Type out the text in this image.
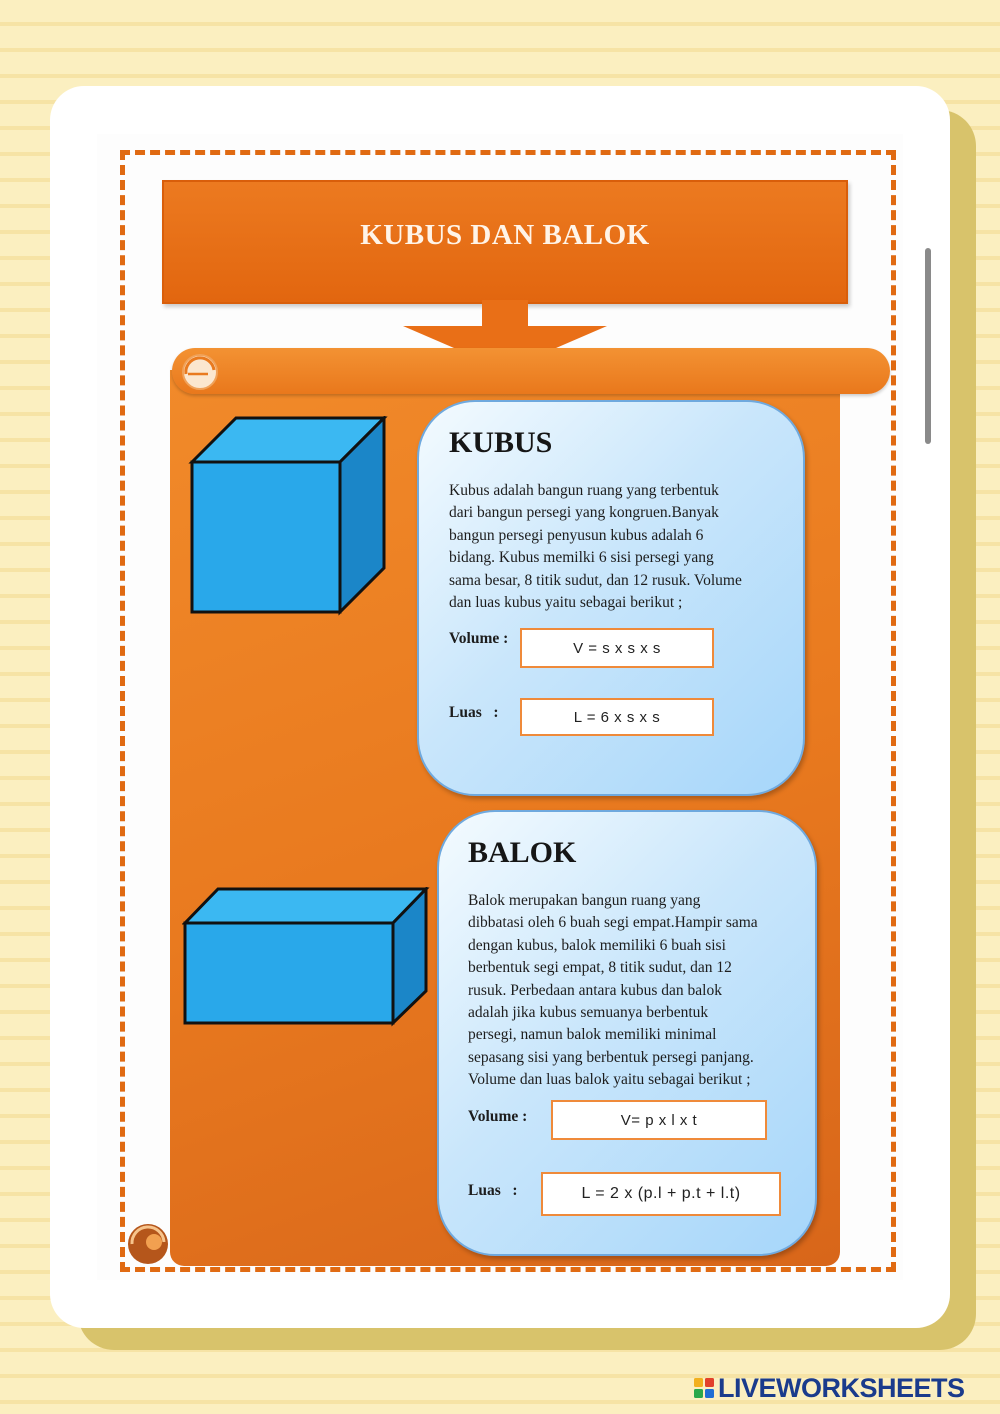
KUBUS DAN BALOK
KUBUS
Kubus adalah bangun ruang yang terbentuk
dari bangun persegi yang kongruen.Banyak
bangun persegi penyusun kubus adalah 6
bidang. Kubus memilki 6 sisi persegi yang
sama besar, 8 titik sudut, dan 12 rusuk. Volume
dan luas kubus yaitu sebagai berikut ;
Volume :
V = s x s x s
Luas   :	L = 6 x s x s
BALOK
Balok merupakan bangun ruang yang
dibbatasi oleh 6 buah segi empat.Hampir sama
dengan kubus, balok memiliki 6 buah sisi
berbentuk segi empat, 8 titik sudut, dan 12
rusuk. Perbedaan antara kubus dan balok
adalah jika kubus semuanya berbentuk
persegi, namun balok memiliki minimal
sepasang sisi yang berbentuk persegi panjang.
Volume dan luas balok yaitu sebagai berikut ;
Volume :	V= p x l x t
Luas   :	L = 2 x (p.l + p.t + l.t)
LIVEWORKSHEETS
